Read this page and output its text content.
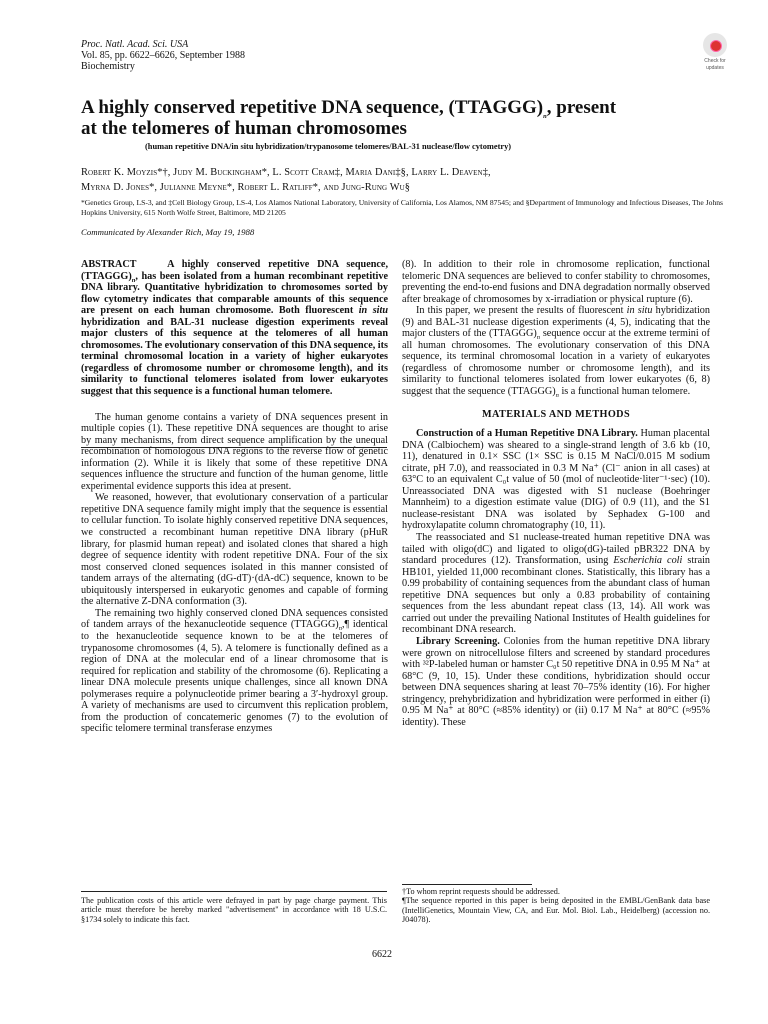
Proc. Natl. Acad. Sci. USA
Vol. 85, pp. 6622–6626, September 1988
Biochemistry	Check for
updates
A highly conserved repetitive DNA sequence, $(TTAGGG)_n$, present
at the telomeres of human chromosomes
(human repetitive DNA/in situ hybridization/trypanosome telomeres/BAL-31 nuclease/flow cytometry)
Robert K. Moyzis*†, Judy M. Buckingham*, L. Scott Cram‡, Maria Dani‡§, Larry L. Deaven‡,
Myrna D. Jones*, Julianne Meyne*, Robert L. Ratliff*, and Jung-Rung Wu§
*Genetics Group, LS-3, and ‡Cell Biology Group, LS-4, Los Alamos National Laboratory, University of California, Los Alamos, NM 87545; and §Department of Immunology and Infectious Diseases, The Johns Hopkins University, 615 North Wolfe Street, Baltimore, MD 21205
Communicated by Alexander Rich, May 19, 1988

ABSTRACT	A highly conserved repetitive DNA sequence, $(TTAGGG)_n$, has been isolated from a human recombinant repetitive DNA library. Quantitative hybridization to chromosomes sorted by flow cytometry indicates that comparable amounts of this sequence are present on each human chromosome. Both fluorescent in situ hybridization and BAL-31 nuclease digestion experiments reveal major clusters of this sequence at the telomeres of all human chromosomes. The evolutionary conservation of this DNA sequence, its terminal chromosomal location in a variety of higher eukaryotes (regardless of chromosome number or chromosome length), and its similarity to functional telomeres isolated from lower eukaryotes suggest that this sequence is a functional human telomere.

The human genome contains a variety of DNA sequences present in multiple copies (1). These repetitive DNA sequences are thought to arise by many mechanisms, from direct sequence amplification by the unequal recombination of homologous DNA regions to the reverse flow of genetic information (2). While it is likely that some of these repetitive DNA sequences influence the structure and function of the human genome, little experimental evidence supports this idea at present.

We reasoned, however, that evolutionary conservation of a particular repetitive DNA sequence family might imply that the sequence is essential to cellular function. To isolate highly conserved repetitive DNA sequences, we constructed a recombinant human repetitive DNA library (pHuR library, for plasmid human repeat) and isolated clones that shared a high degree of sequence identity with rodent repetitive DNA. Four of the six most conserved cloned sequences isolated in this manner consisted of tandem arrays of the alternating (dG-dT)·(dA-dC) sequence, known to be ubiquitously interspersed in eukaryotic genomes and capable of forming the alternative Z-DNA conformation (3).

The remaining two highly conserved cloned DNA sequences consisted of tandem arrays of the hexanucleotide sequence $(TTAGGG)_n,\P$ identical to the hexanucleotide sequence known to be at the telomeres of trypanosome chromosomes (4, 5). A telomere is functionally defined as a region of DNA at the molecular end of a linear chromosome that is required for replication and stability of the chromosome (6). Replicating a linear DNA molecule presents unique challenges, since all known DNA polymerases require a polynucleotide primer bearing a 3′-hydroxyl group. A variety of mechanisms are used to circumvent this replication problem, from the production of concatemeric genomes (7) to the evolution of specific telomere terminal transferase enzymes

The publication costs of this article were defrayed in part by page charge payment. This article must therefore be hereby marked "advertisement" in accordance with 18 U.S.C. §1734 solely to indicate this fact.

(8). In addition to their role in chromosome replication, functional telomeric DNA sequences are believed to confer stability to chromosomes, preventing the end-to-end fusions and DNA degradation normally observed after breakage of chromosomes by x-irradiation or physical rupture (6).

In this paper, we present the results of fluorescent in situ hybridization (9) and BAL-31 nuclease digestion experiments (4, 5), indicating that the major clusters of the $(TTAGGG)_n$ sequence occur at the extreme termini of all human chromosomes. The evolutionary conservation of this DNA sequence, its terminal chromosomal location in a variety of eukaryotes (regardless of chromosome number or chromosome length), and its similarity to functional telomeres isolated from lower eukaryotes (6, 8) suggest that the sequence $(TTAGGG)_n$ is a functional human telomere.

MATERIALS AND METHODS

Construction of a Human Repetitive DNA Library. Human placental DNA (Calbiochem) was sheared to a single-strand length of 3.6 kb (10, 11), denatured in 0.1× SSC (1× SSC is 0.15 M NaCl/0.015 M sodium citrate, pH 7.0), and reassociated in 0.3 M Na⁺ (Cl⁻ anion in all cases) at 63°C to an equivalent C₀t value of 50 (mol of nucleotide·liter⁻¹·sec) (10). Unreassociated DNA was digested with S1 nuclease (Boehringer Mannheim) to a digestion estimate value (DIG) of 0.9 (11), and the S1 nuclease-resistant DNA was isolated by Sephadex G-100 and hydroxylapatite column chromatography (10, 11).

The reassociated and S1 nuclease-treated human repetitive DNA was tailed with oligo(dC) and ligated to oligo(dG)-tailed pBR322 DNA by standard procedures (12). Transformation, using Escherichia coli strain HB101, yielded 11,000 recombinant clones. Statistically, this library has a 0.99 probability of containing sequences from the abundant class of human repetitive DNA sequences but only a 0.83 probability of containing sequences from the less abundant repeat class (13, 14). All work was carried out under the prevailing National Institutes of Health guidelines for recombinant DNA research.

Library Screening. Colonies from the human repetitive DNA library were grown on nitrocellulose filters and screened by standard procedures with ³²P-labeled human or hamster C₀t 50 repetitive DNA in 0.95 M Na⁺ at 68°C (9, 10, 15). Under these conditions, hybridization should occur between DNA sequences sharing at least 70–75% identity (16). For higher stringency, prehybridization and hybridization were performed in either (i) 0.95 M Na⁺ at 80°C (≈85% identity) or (ii) 0.17 M Na⁺ at 80°C (≈95% identity). These

†To whom reprint requests should be addressed.
¶The sequence reported in this paper is being deposited in the EMBL/GenBank data base (IntelliGenetics, Mountain View, CA, and Eur. Mol. Biol. Lab., Heidelberg) (accession no. J04078).
6622
